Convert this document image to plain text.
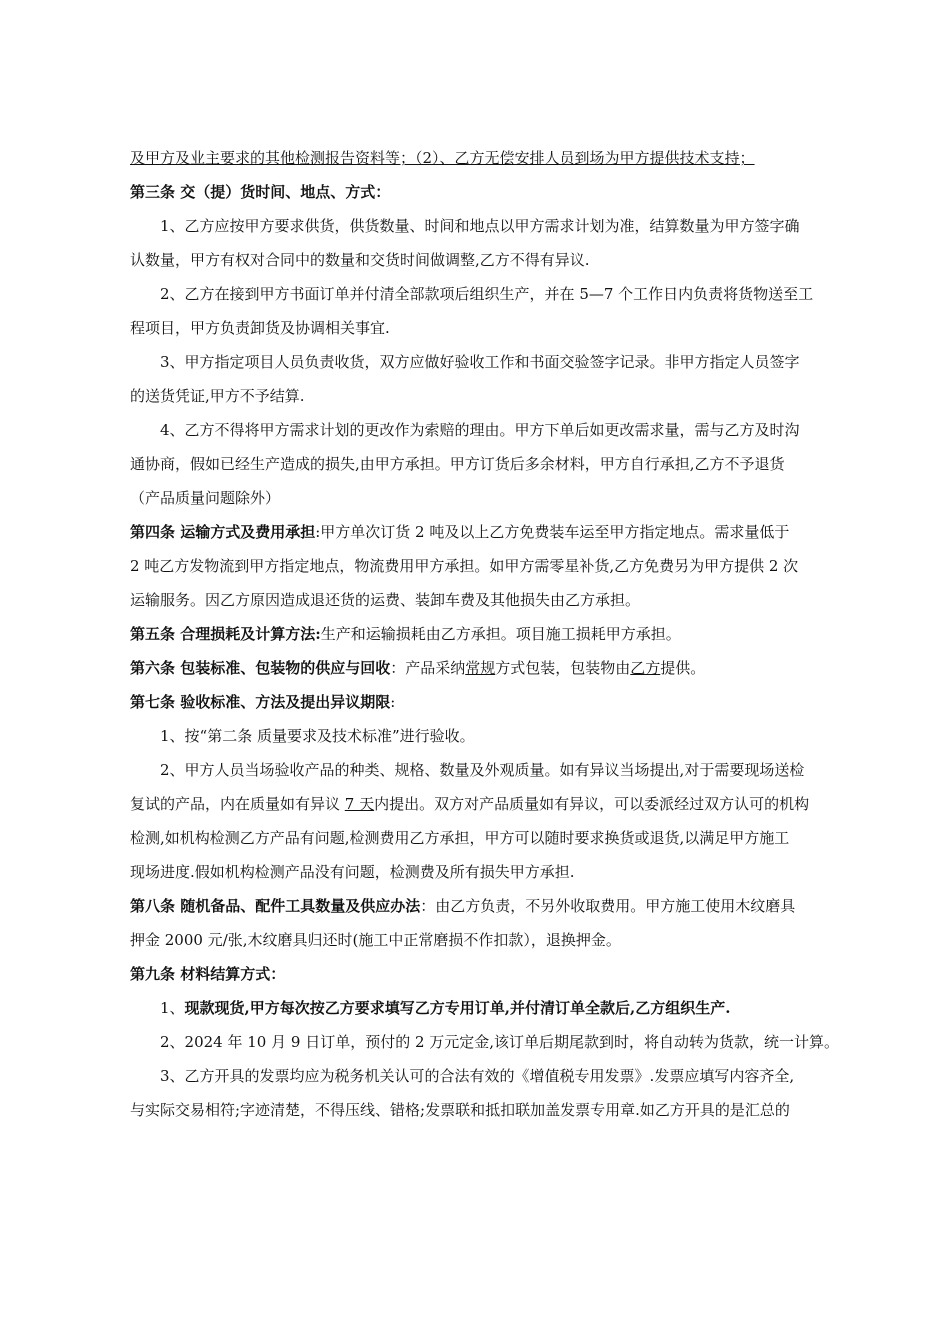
及甲方及业主要求的其他检测报告资料等；（2）、乙方无偿安排人员到场为甲方提供技术支持；
第三条 交（提）货时间、地点、方式：
1、乙方应按甲方要求供货，供货数量、时间和地点以甲方需求计划为准，结算数量为甲方签字确
认数量，甲方有权对合同中的数量和交货时间做调整,乙方不得有异议.
2、乙方在接到甲方书面订单并付清全部款项后组织生产，并在 5—7 个工作日内负责将货物送至工
程项目，甲方负责卸货及协调相关事宜.
3、甲方指定项目人员负责收货，双方应做好验收工作和书面交验签字记录。非甲方指定人员签字
的送货凭证,甲方不予结算.
4、乙方不得将甲方需求计划的更改作为索赔的理由。甲方下单后如更改需求量，需与乙方及时沟
通协商，假如已经生产造成的损失,由甲方承担。甲方订货后多余材料，甲方自行承担,乙方不予退货
（产品质量问题除外）
第四条 运输方式及费用承担:甲方单次订货 2 吨及以上乙方免费装车运至甲方指定地点。需求量低于
2 吨乙方发物流到甲方指定地点，物流费用甲方承担。如甲方需零星补货,乙方免费另为甲方提供 2 次
运输服务。因乙方原因造成退还货的运费、装卸车费及其他损失由乙方承担。
第五条 合理损耗及计算方法:生产和运输损耗由乙方承担。项目施工损耗甲方承担。
第六条 包装标准、包装物的供应与回收：产品采纳常规方式包装，包装物由乙方提供。
第七条 验收标准、方法及提出异议期限:
1、按“第二条 质量要求及技术标准”进行验收。
2、甲方人员当场验收产品的种类、规格、数量及外观质量。如有异议当场提出,对于需要现场送检
复试的产品，内在质量如有异议 7 天内提出。双方对产品质量如有异议，可以委派经过双方认可的机构
检测,如机构检测乙方产品有问题,检测费用乙方承担，甲方可以随时要求换货或退货,以满足甲方施工
现场进度.假如机构检测产品没有问题，检测费及所有损失甲方承担.
第八条 随机备品、配件工具数量及供应办法：由乙方负责，不另外收取费用。甲方施工使用木纹磨具
押金 2000 元/张,木纹磨具归还时(施工中正常磨损不作扣款），退换押金。
第九条 材料结算方式：
1、现款现货,甲方每次按乙方要求填写乙方专用订单,并付清订单全款后,乙方组织生产.
2、2024 年 10 月 9 日订单，预付的 2 万元定金,该订单后期尾款到时，将自动转为货款，统一计算。
3、乙方开具的发票均应为税务机关认可的合法有效的《增值税专用发票》.发票应填写内容齐全,
与实际交易相符;字迹清楚，不得压线、错格;发票联和抵扣联加盖发票专用章.如乙方开具的是汇总的
